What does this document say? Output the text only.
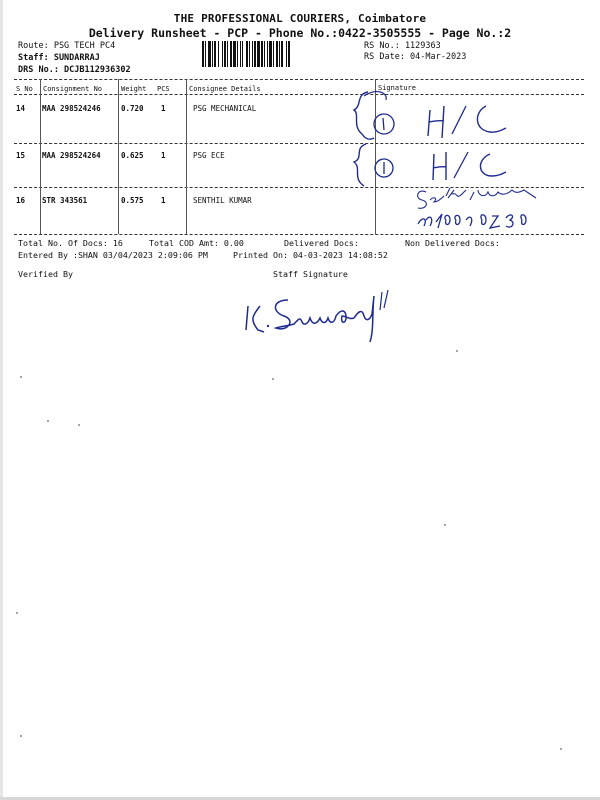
THE PROFESSIONAL COURIERS, Coimbatore
Delivery Runsheet - PCP - Phone No.:0422-3505555 - Page No.:2
Route: PSG TECH PC4
Staff: SUNDARRAJ
DRS No.: DCJB112936302
RS No.: 1129363
RS Date: 04-Mar-2023
S No Consignment No	Weight PCS	Consignee Details	Signature
14 MAA 298524246	0.720 1	PSG MECHANICAL
15 MAA 298524264	0.625 1	PSG ECE
16 STR 343561	0.575 1	SENTHIL KUMAR
Total No. Of Docs: 16	Total COD Amt: 0.00	Delivered Docs:	Non Delivered Docs:
Entered By :SHAN 03/04/2023 2:09:06 PM	Printed On: 04-03-2023 14:08:52
Verified By	Staff Signature
